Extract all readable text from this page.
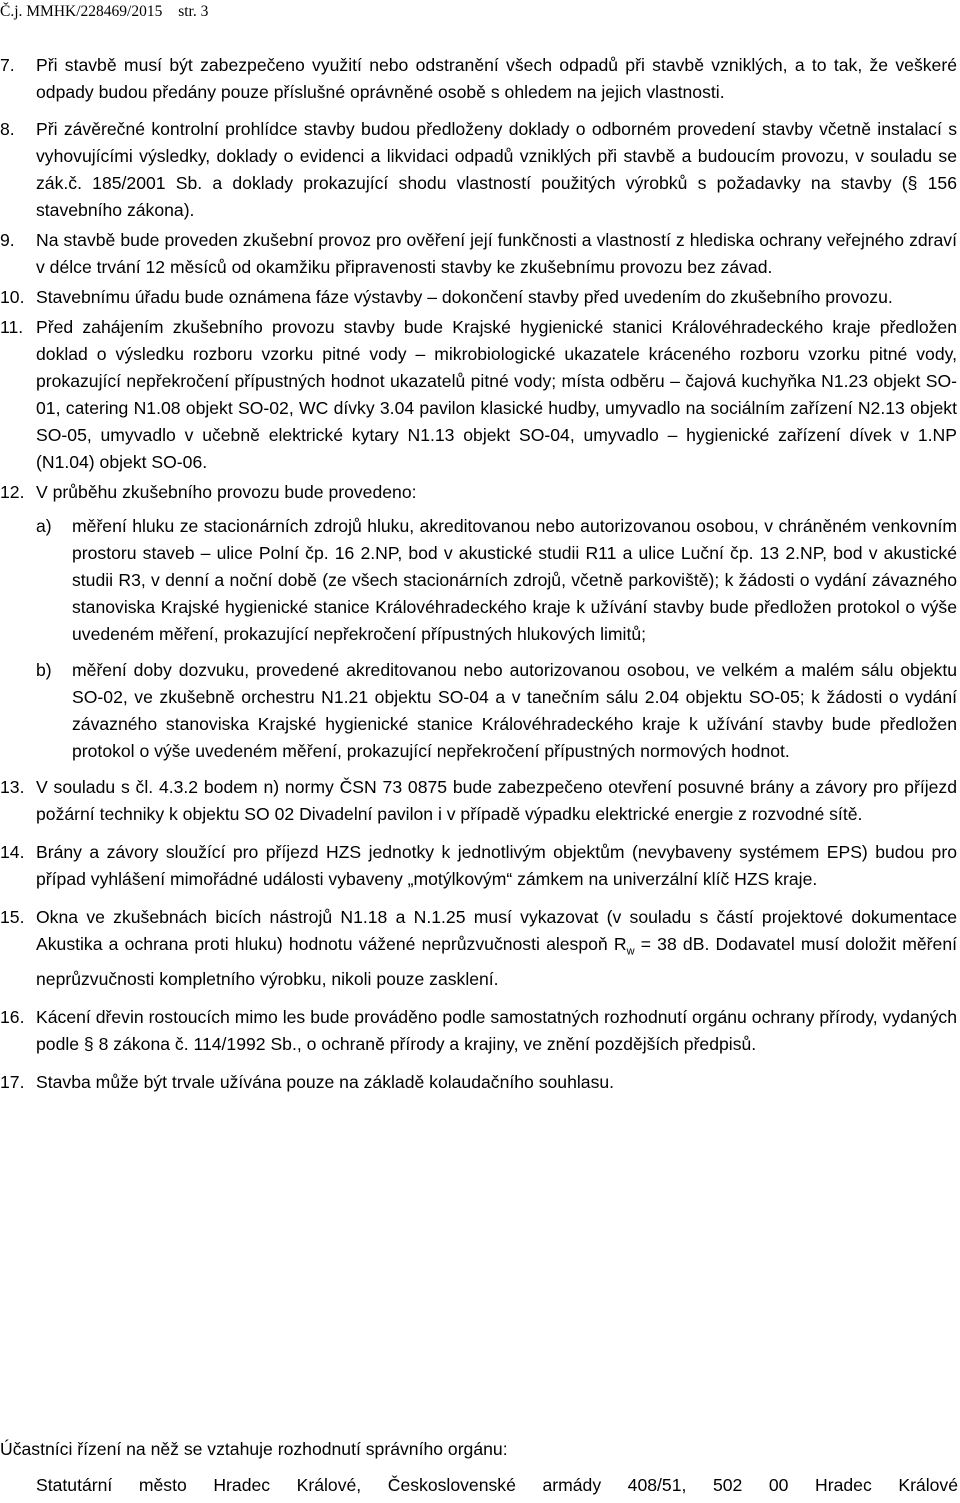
Č.j. MMHK/228469/2015 str. 3
7. Při stavbě musí být zabezpečeno využití nebo odstranění všech odpadů při stavbě vzniklých, a to tak, že veškeré odpady budou předány pouze příslušné oprávněné osobě s ohledem na jejich vlastnosti.
8. Při závěrečné kontrolní prohlídce stavby budou předloženy doklady o odborném provedení stavby včetně instalací s vyhovujícími výsledky, doklady o evidenci a likvidaci odpadů vzniklých při stavbě a budoucím provozu, v souladu se zák.č. 185/2001 Sb. a doklady prokazující shodu vlastností použitých výrobků s požadavky na stavby (§ 156 stavebního zákona).
9. Na stavbě bude proveden zkušební provoz pro ověření její funkčnosti a vlastností z hlediska ochrany veřejného zdraví v délce trvání 12 měsíců od okamžiku připravenosti stavby ke zkušebnímu provozu bez závad.
10. Stavebnímu úřadu bude oznámena fáze výstavby – dokončení stavby před uvedením do zkušebního provozu.
11. Před zahájením zkušebního provozu stavby bude Krajské hygienické stanici Královéhradeckého kraje předložen doklad o výsledku rozboru vzorku pitné vody – mikrobiologické ukazatele kráceného rozboru vzorku pitné vody, prokazující nepřekročení přípustných hodnot ukazatelů pitné vody; místa odběru – čajová kuchyňka N1.23 objekt SO-01, catering N1.08 objekt SO-02, WC dívky 3.04 pavilon klasické hudby, umyvadlo na sociálním zařízení N2.13 objekt SO-05, umyvadlo v učebně elektrické kytary N1.13 objekt SO-04, umyvadlo – hygienické zařízení dívek v 1.NP (N1.04) objekt SO-06.
12. V průběhu zkušebního provozu bude provedeno:
a) měření hluku ze stacionárních zdrojů hluku, akreditovanou nebo autorizovanou osobou, v chráněném venkovním prostoru staveb – ulice Polní čp. 16 2.NP, bod v akustické studii R11 a ulice Luční čp. 13 2.NP, bod v akustické studii R3, v denní a noční době (ze všech stacionárních zdrojů, včetně parkoviště); k žádosti o vydání závazného stanoviska Krajské hygienické stanice Královéhradeckého kraje k užívání stavby bude předložen protokol o výše uvedeném měření, prokazující nepřekročení přípustných hlukových limitů;
b) měření doby dozvuku, provedené akreditovanou nebo autorizovanou osobou, ve velkém a malém sálu objektu SO-02, ve zkušebně orchestru N1.21 objektu SO-04 a v tanečním sálu 2.04 objektu SO-05; k žádosti o vydání závazného stanoviska Krajské hygienické stanice Královéhradeckého kraje k užívání stavby bude předložen protokol o výše uvedeném měření, prokazující nepřekročení přípustných normových hodnot.
13. V souladu s čl. 4.3.2 bodem n) normy ČSN 73 0875 bude zabezpečeno otevření posuvné brány a závory pro příjezd požární techniky k objektu SO 02 Divadelní pavilon i v případě výpadku elektrické energie z rozvodné sítě.
14. Brány a závory sloužící pro příjezd HZS jednotky k jednotlivým objektům (nevybaveny systémem EPS) budou pro případ vyhlášení mimořádné události vybaveny „motýlkovým“ zámkem na univerzální klíč HZS kraje.
15. Okna ve zkušebnách bicích nástrojů N1.18 a N.1.25 musí vykazovat (v souladu s částí projektové dokumentace Akustika a ochrana proti hluku) hodnotu vážené neprůzvučnosti alespoň $R_w = 38$ dB. Dodavatel musí doložit měření neprůzvučnosti kompletního výrobku, nikoli pouze zasklení.
16. Kácení dřevin rostoucích mimo les bude prováděno podle samostatných rozhodnutí orgánu ochrany přírody, vydaných podle § 8 zákona č. 114/1992 Sb., o ochraně přírody a krajiny, ve znění pozdějších předpisů.
17. Stavba může být trvale užívána pouze na základě kolaudačního souhlasu.
Účastníci řízení na něž se vztahuje rozhodnutí správního orgánu:
Statutární město Hradec Králové, Československé armády 408/51, 502 00 Hradec Králové
